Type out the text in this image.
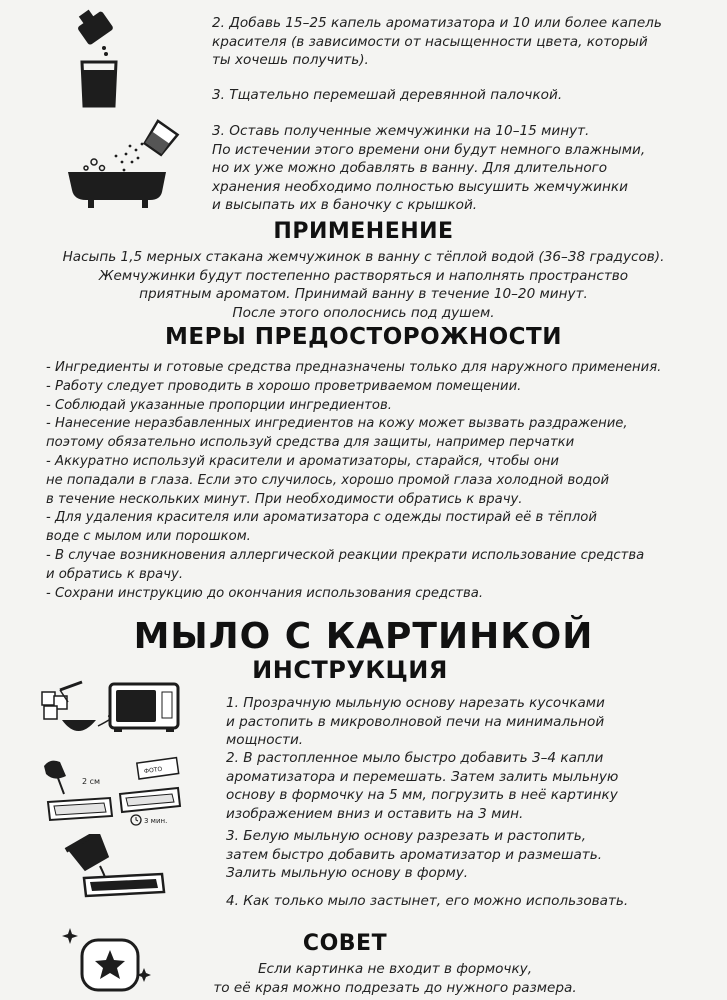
ФОТО
2 см
3 мин.
2. Добавь 15–25 капель ароматизатора и 10 или более капель
красителя (в зависимости от насыщенности цвета, который
ты хочешь получить).
3. Тщательно перемешай деревянной палочкой.
3. Оставь полученные жемчужинки на 10–15 минут.
По истечении этого времени они будут немного влажными,
но их уже можно добавлять в ванну. Для длительного
хранения необходимо полностью высушить жемчужинки
и высыпать их в баночку с крышкой.
ПРИМЕНЕНИЕ
Насыпь 1,5 мерных стакана жемчужинок в ванну с тёплой водой (36–38 градусов).
Жемчужинки будут постепенно растворяться и наполнять пространство
приятным ароматом. Принимай ванну в течение 10–20 минут.
После этого ополоснись под душем.
МЕРЫ ПРЕДОСТОРОЖНОСТИ
- Ингредиенты и готовые средства предназначены только для наружного применения.
- Работу следует проводить в хорошо проветриваемом помещении.
- Соблюдай указанные пропорции ингредиентов.
- Нанесение неразбавленных ингредиентов на кожу может вызвать раздражение,
поэтому обязательно используй средства для защиты, например перчатки
- Аккуратно используй красители и ароматизаторы, старайся, чтобы они
не попадали в глаза. Если это случилось, хорошо промой глаза холодной водой
в течение нескольких минут. При необходимости обратись к врачу.
- Для удаления красителя или ароматизатора с одежды постирай её в тёплой
воде с мылом или порошком.
- В случае возникновения аллергической реакции прекрати использование средства
и обратись к врачу.
- Сохрани инструкцию до окончания использования средства.
МЫЛО С КАРТИНКОЙ
ИНСТРУКЦИЯ
1. Прозрачную мыльную основу нарезать кусочками
и растопить в микроволновой печи на минимальной
мощности.
2. В растопленное мыло быстро добавить 3–4 капли
ароматизатора и перемешать. Затем залить мыльную
основу в формочку на 5 мм, погрузить в неё картинку
изображением вниз и оставить на 3 мин.
3. Белую мыльную основу разрезать и растопить,
затем быстро добавить ароматизатор и размешать.
Залить мыльную основу в форму.
4. Как только мыло застынет, его можно использовать.
СОВЕТ
Если картинка не входит в формочку,
то её края можно подрезать до нужного размера.
